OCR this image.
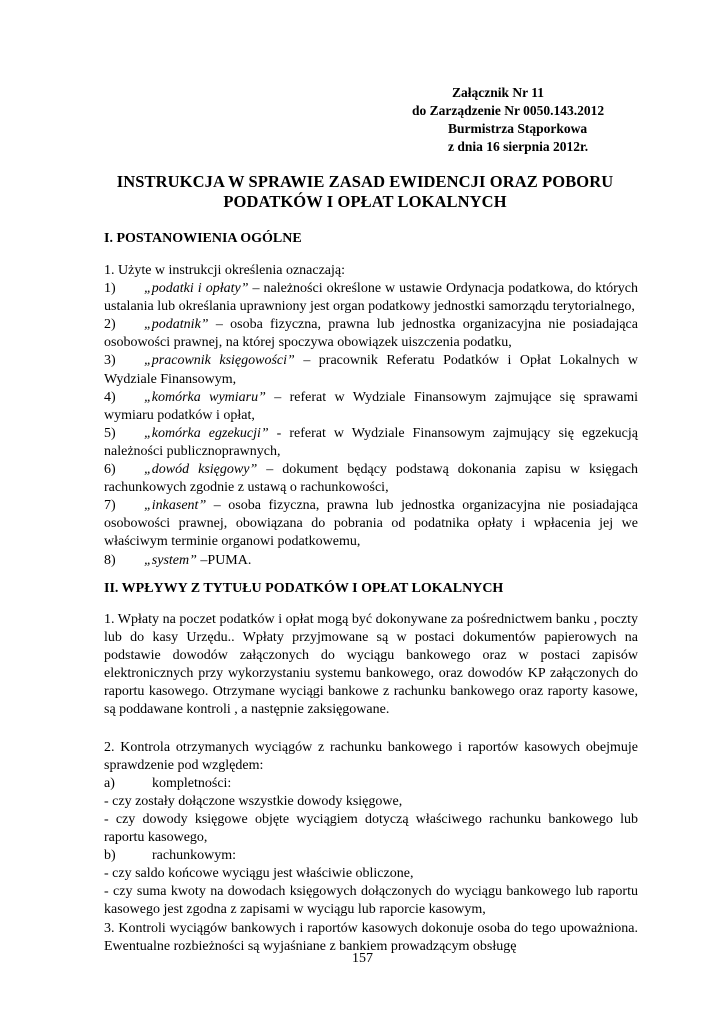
Załącznik Nr 11
do Zarządzenie Nr 0050.143.2012
Burmistrza Stąporkowa
z dnia 16 sierpnia 2012r.
INSTRUKCJA W SPRAWIE ZASAD EWIDENCJI ORAZ POBORU
PODATKÓW I OPŁAT LOKALNYCH
I. POSTANOWIENIA OGÓLNE

1. Użyte w instrukcji określenia oznaczają:

1) „podatki i opłaty” – należności określone w ustawie Ordynacja podatkowa, do których ustalania lub określania uprawniony jest organ podatkowy jednostki samorządu terytorialnego,

2) „podatnik” – osoba fizyczna, prawna lub jednostka organizacyjna nie posiadająca osobowości prawnej, na której spoczywa obowiązek uiszczenia podatku,

3) „pracownik księgowości” – pracownik Referatu Podatków i Opłat Lokalnych w Wydziale Finansowym,

4) „komórka wymiaru” – referat w Wydziale Finansowym zajmujące się sprawami wymiaru podatków i opłat,

5) „komórka egzekucji” - referat w Wydziale Finansowym zajmujący się egzekucją należności publicznoprawnych,

6) „dowód księgowy” – dokument będący podstawą dokonania zapisu w księgach rachunkowych zgodnie z ustawą o rachunkowości,

7) „inkasent” – osoba fizyczna, prawna lub jednostka organizacyjna nie posiadająca osobowości prawnej, obowiązana do pobrania od podatnika opłaty i wpłacenia jej we właściwym terminie organowi podatkowemu,

8) „system” –PUMA.

II. WPŁYWY Z TYTUŁU PODATKÓW I OPŁAT LOKALNYCH

1. Wpłaty na poczet podatków i opłat mogą być dokonywane za pośrednictwem banku , poczty lub do kasy Urzędu.. Wpłaty przyjmowane są w postaci dokumentów papierowych na podstawie dowodów załączonych do wyciągu bankowego oraz w postaci zapisów elektronicznych przy wykorzystaniu systemu bankowego, oraz dowodów KP załączonych do raportu kasowego. Otrzymane wyciągi bankowe z rachunku bankowego oraz raporty kasowe, są poddawane kontroli , a następnie zaksięgowane.

2. Kontrola otrzymanych wyciągów z rachunku bankowego i raportów kasowych obejmuje sprawdzenie pod względem:

a)	kompletności:

- czy zostały dołączone wszystkie dowody księgowe,

- czy dowody księgowe objęte wyciągiem dotyczą właściwego rachunku bankowego lub raportu kasowego,

b)	rachunkowym:

- czy saldo końcowe wyciągu jest właściwie obliczone,

- czy suma kwoty na dowodach księgowych dołączonych do wyciągu bankowego lub raportu kasowego jest zgodna z zapisami w wyciągu lub raporcie kasowym,

3. Kontroli wyciągów bankowych i raportów kasowych dokonuje osoba do tego upoważniona. Ewentualne rozbieżności są wyjaśniane z bankiem prowadzącym obsługę

157
